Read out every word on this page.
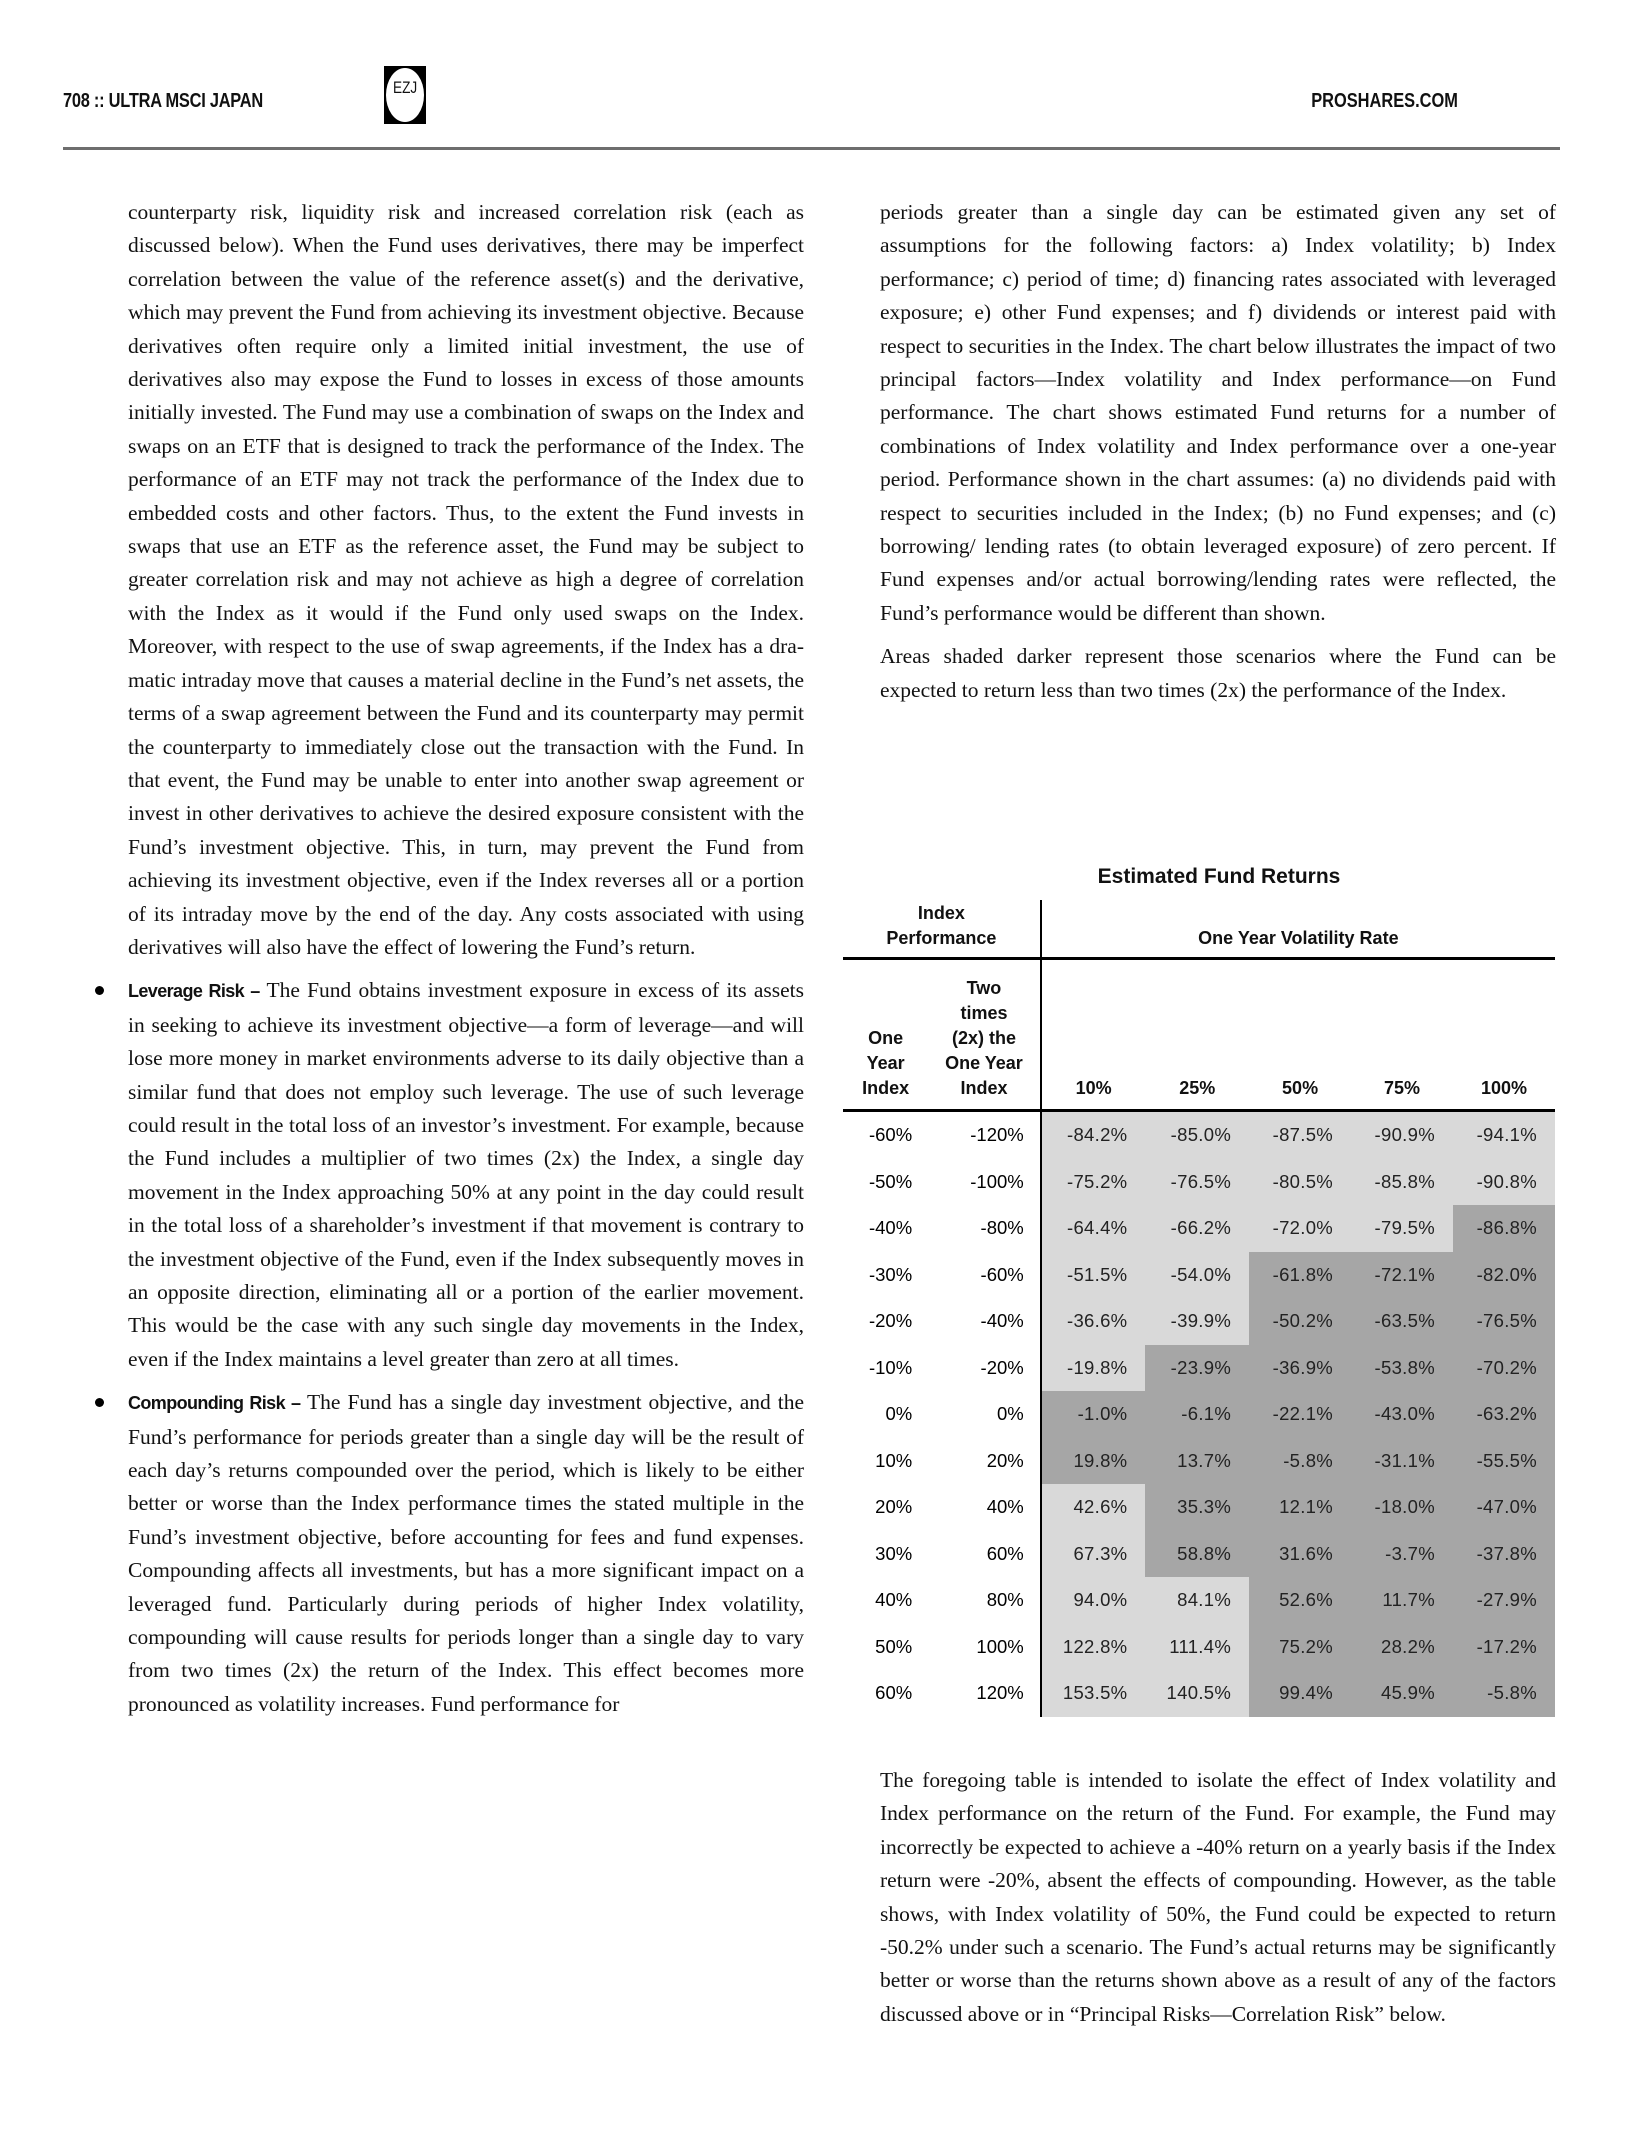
708 :: ULTRA MSCI JAPAN
EZJ
PROSHARES.COM

counterparty risk, liquidity risk and increased correlation risk (each as discussed below). When the Fund uses derivatives, there may be imperfect correlation between the value of the reference asset(s) and the derivative, which may prevent the Fund from achieving its investment objective. Because derivatives often require only a limited initial investment, the use of derivatives also may expose the Fund to losses in excess of those amounts initially invested. The Fund may use a combination of swaps on the Index and swaps on an ETF that is designed to track the performance of the Index. The performance of an ETF may not track the performance of the Index due to embedded costs and other factors. Thus, to the extent the Fund invests in swaps that use an ETF as the reference asset, the Fund may be subject to greater correlation risk and may not achieve as high a degree of correlation with the Index as it would if the Fund only used swaps on the Index. Moreover, with respect to the use of swap agreements, if the Index has a dramatic intraday move that causes a material decline in the Fund’s net assets, the terms of a swap agreement between the Fund and its counterparty may permit the counterparty to immediately close out the transaction with the Fund. In that event, the Fund may be unable to enter into another swap agreement or invest in other derivatives to achieve the desired exposure consistent with the Fund’s investment objective. This, in turn, may prevent the Fund from achieving its investment objective, even if the Index reverses all or a portion of its intraday move by the end of the day. Any costs associated with using derivatives will also have the effect of lowering the Fund’s return.

Leverage Risk – The Fund obtains investment exposure in excess of its assets in seeking to achieve its investment objective—a form of leverage—and will lose more money in market environments adverse to its daily objective than a similar fund that does not employ such leverage. The use of such leverage could result in the total loss of an investor’s investment. For example, because the Fund includes a multiplier of two times (2x) the Index, a single day movement in the Index approaching 50% at any point in the day could result in the total loss of a shareholder’s investment if that movement is contrary to the investment objective of the Fund, even if the Index subsequently moves in an opposite direction, eliminating all or a portion of the earlier movement. This would be the case with any such single day movements in the Index, even if the Index maintains a level greater than zero at all times.
Compounding Risk – The Fund has a single day investment objective, and the Fund’s performance for periods greater than a single day will be the result of each day’s returns compounded over the period, which is likely to be either better or worse than the Index performance times the stated multiple in the Fund’s investment objective, before accounting for fees and fund expenses. Compounding affects all investments, but has a more significant impact on a leveraged fund. Particularly during periods of higher Index volatility, compounding will cause results for periods longer than a single day to vary from two times (2x) the return of the Index. This effect becomes more pronounced as volatility increases. Fund performance for

periods greater than a single day can be estimated given any set of assumptions for the following factors: a) Index volatility; b) Index performance; c) period of time; d) financing rates associated with leveraged exposure; e) other Fund expenses; and f) dividends or interest paid with respect to securities in the Index. The chart below illustrates the impact of two principal factors—Index volatility and Index performance—on Fund performance. The chart shows estimated Fund returns for a number of combinations of Index volatility and Index performance over a one-year period. Performance shown in the chart assumes: (a) no dividends paid with respect to securities included in the Index; (b) no Fund expenses; and (c) borrowing/ lending rates (to obtain leveraged exposure) of zero percent. If Fund expenses and/or actual borrowing/lending rates were reflected, the Fund’s performance would be different than shown.

Areas shaded darker represent those scenarios where the Fund can be expected to return less than two times (2x) the performance of the Index.

Estimated Fund Returns
Index Performance		One Year Volatility Rate				

One Year Index	Two times (2x) the One Year Index	10%	25%	50%	75%	100%
-60%	-120%	-84.2%	-85.0%	-87.5%	-90.9%	-94.1%
-50%	-100%	-75.2%	-76.5%	-80.5%	-85.8%	-90.8%
-40%	-80%	-64.4%	-66.2%	-72.0%	-79.5%	-86.8%
-30%	-60%	-51.5%	-54.0%	-61.8%	-72.1%	-82.0%
-20%	-40%	-36.6%	-39.9%	-50.2%	-63.5%	-76.5%
-10%	-20%	-19.8%	-23.9%	-36.9%	-53.8%	-70.2%
0%	0%	-1.0%	-6.1%	-22.1%	-43.0%	-63.2%
10%	20%	19.8%	13.7%	-5.8%	-31.1%	-55.5%
20%	40%	42.6%	35.3%	12.1%	-18.0%	-47.0%
30%	60%	67.3%	58.8%	31.6%	-3.7%	-37.8%
40%	80%	94.0%	84.1%	52.6%	11.7%	-27.9%
50%	100%	122.8%	111.4%	75.2%	28.2%	-17.2%
60%	120%	153.5%	140.5%	99.4%	45.9%	-5.8%

The foregoing table is intended to isolate the effect of Index volatility and Index performance on the return of the Fund. For example, the Fund may incorrectly be expected to achieve a -40% return on a yearly basis if the Index return were -20%, absent the effects of compounding. However, as the table shows, with Index volatility of 50%, the Fund could be expected to return -50.2% under such a scenario. The Fund’s actual returns may be significantly better or worse than the returns shown above as a result of any of the factors discussed above or in “Principal Risks—Correlation Risk” below.
